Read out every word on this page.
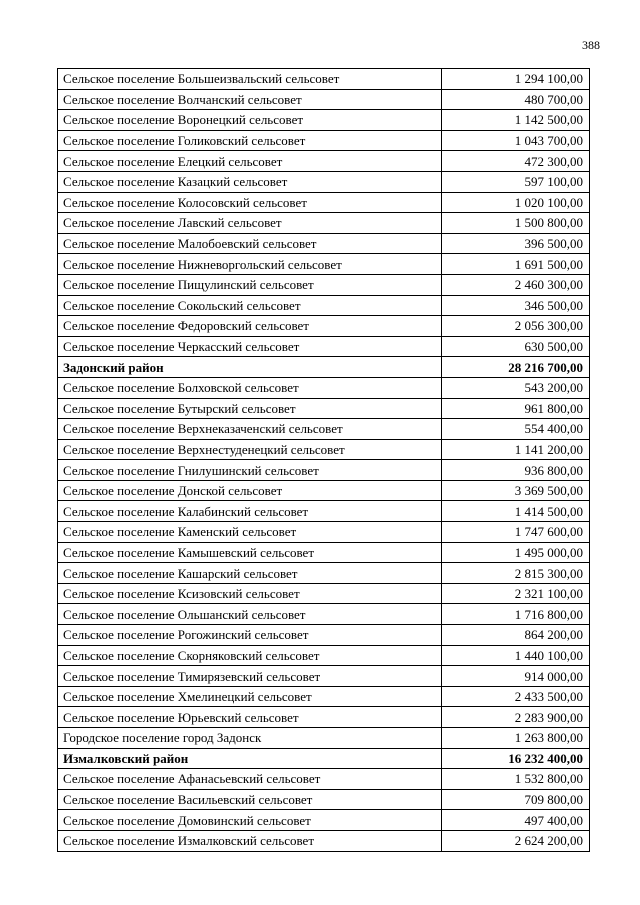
388
Сельское поселение Большеизвальский сельсовет	1 294 100,00
Сельское поселение Волчанский сельсовет	480 700,00
Сельское поселение Воронецкий сельсовет	1 142 500,00
Сельское поселение Голиковский сельсовет	1 043 700,00
Сельское поселение Елецкий сельсовет	472 300,00
Сельское поселение Казацкий сельсовет	597 100,00
Сельское поселение Колосовский сельсовет	1 020 100,00
Сельское поселение Лавский сельсовет	1 500 800,00
Сельское поселение Малобоевский сельсовет	396 500,00
Сельское поселение Нижневоргольский сельсовет	1 691 500,00
Сельское поселение Пищулинский сельсовет	2 460 300,00
Сельское поселение Сокольский сельсовет	346 500,00
Сельское поселение Федоровский сельсовет	2 056 300,00
Сельское поселение Черкасский сельсовет	630 500,00
Задонский район	28 216 700,00
Сельское поселение Болховской сельсовет	543 200,00
Сельское поселение Бутырский сельсовет	961 800,00
Сельское поселение Верхнеказаченский сельсовет	554 400,00
Сельское поселение Верхнестуденецкий сельсовет	1 141 200,00
Сельское поселение Гнилушинский сельсовет	936 800,00
Сельское поселение Донской сельсовет	3 369 500,00
Сельское поселение Калабинский сельсовет	1 414 500,00
Сельское поселение Каменский сельсовет	1 747 600,00
Сельское поселение Камышевский сельсовет	1 495 000,00
Сельское поселение Кашарский сельсовет	2 815 300,00
Сельское поселение Ксизовский сельсовет	2 321 100,00
Сельское поселение Ольшанский сельсовет	1 716 800,00
Сельское поселение Рогожинский сельсовет	864 200,00
Сельское поселение Скорняковский сельсовет	1 440 100,00
Сельское поселение Тимирязевский сельсовет	914 000,00
Сельское поселение Хмелинецкий сельсовет	2 433 500,00
Сельское поселение Юрьевский сельсовет	2 283 900,00
Городское поселение город Задонск	1 263 800,00
Измалковский район	16 232 400,00
Сельское поселение Афанасьевский сельсовет	1 532 800,00
Сельское поселение Васильевский сельсовет	709 800,00
Сельское поселение Домовинский сельсовет	497 400,00
Сельское поселение Измалковский сельсовет	2 624 200,00
